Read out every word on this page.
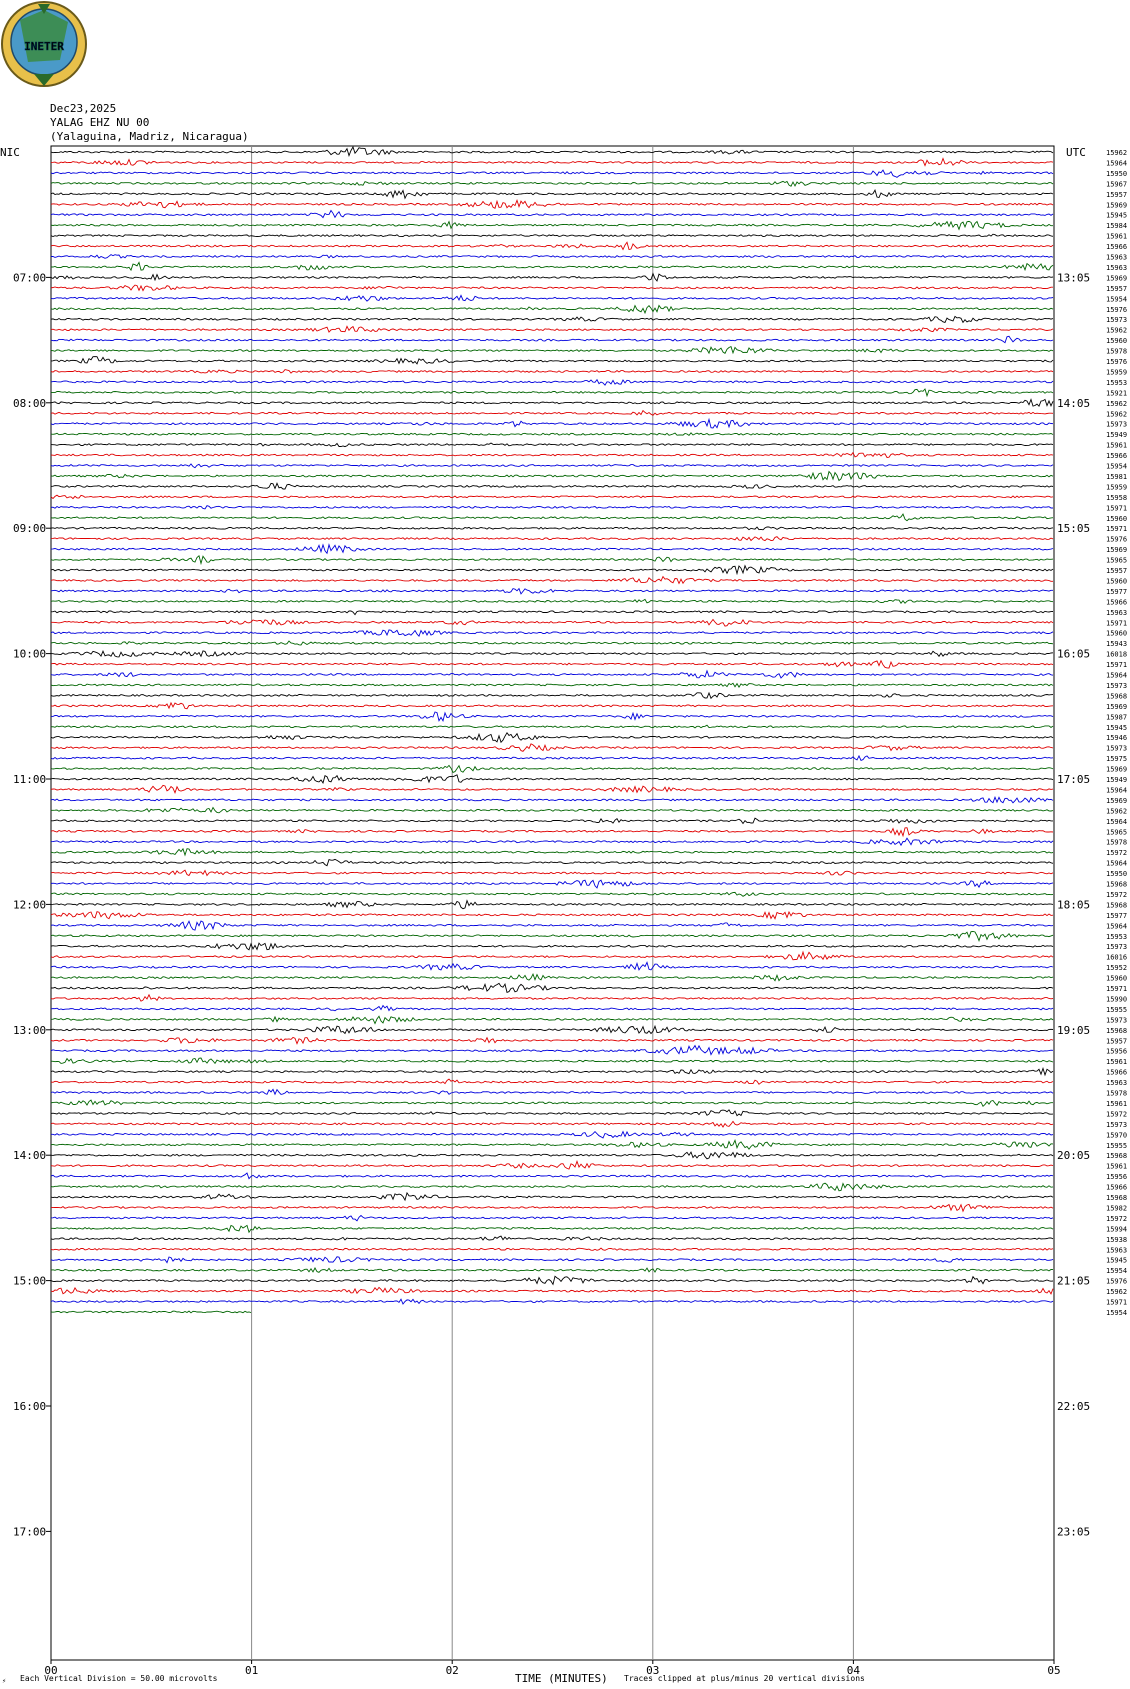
INETER
Dec23,2025
YALAG EHZ NU 00
(Yalaguina, Madriz, Nicaragua)
NIC	UTC
07:00	13:05
08:00	14:05
09:00	15:05
10:00	16:05
11:00	17:05
12:00	18:05
13:00	19:05
14:00	20:05
15:00	21:05
16:00	22:05
17:00	23:05
15962
15964
15950
15967
15957
15969
15945
15984
15961
15966
15963
15963
15969
15957
15954
15976
15973
15962
15960
15978
15976
15959
15953
15921
15962
15962
15973
15949
15961
15966
15954
15981
15959
15958
15971
15960
15971
15976
15969
15965
15957
15960
15977
15966
15963
15971
15960
15943
16018
15971
15964
15973
15968
15969
15987
15945
15946
15973
15975
15969
15949
15964
15969
15962
15964
15965
15978
15972
15964
15950
15968
15972
15968
15977
15964
15953
15973
16016
15952
15960
15971
15990
15955
15973
15968
15957
15956
15961
15966
15963
15978
15961
15972
15973
15970
15955
15968
15961
15956
15966
15968
15982
15972
15994
15938
15963
15945
15954
15976
15962
15971
15954
00	01	02	03	04	05
⚡ Each Vertical Division = 50.00 microvolts	TIME (MINUTES) Traces clipped at plus/minus 20 vertical divisions
